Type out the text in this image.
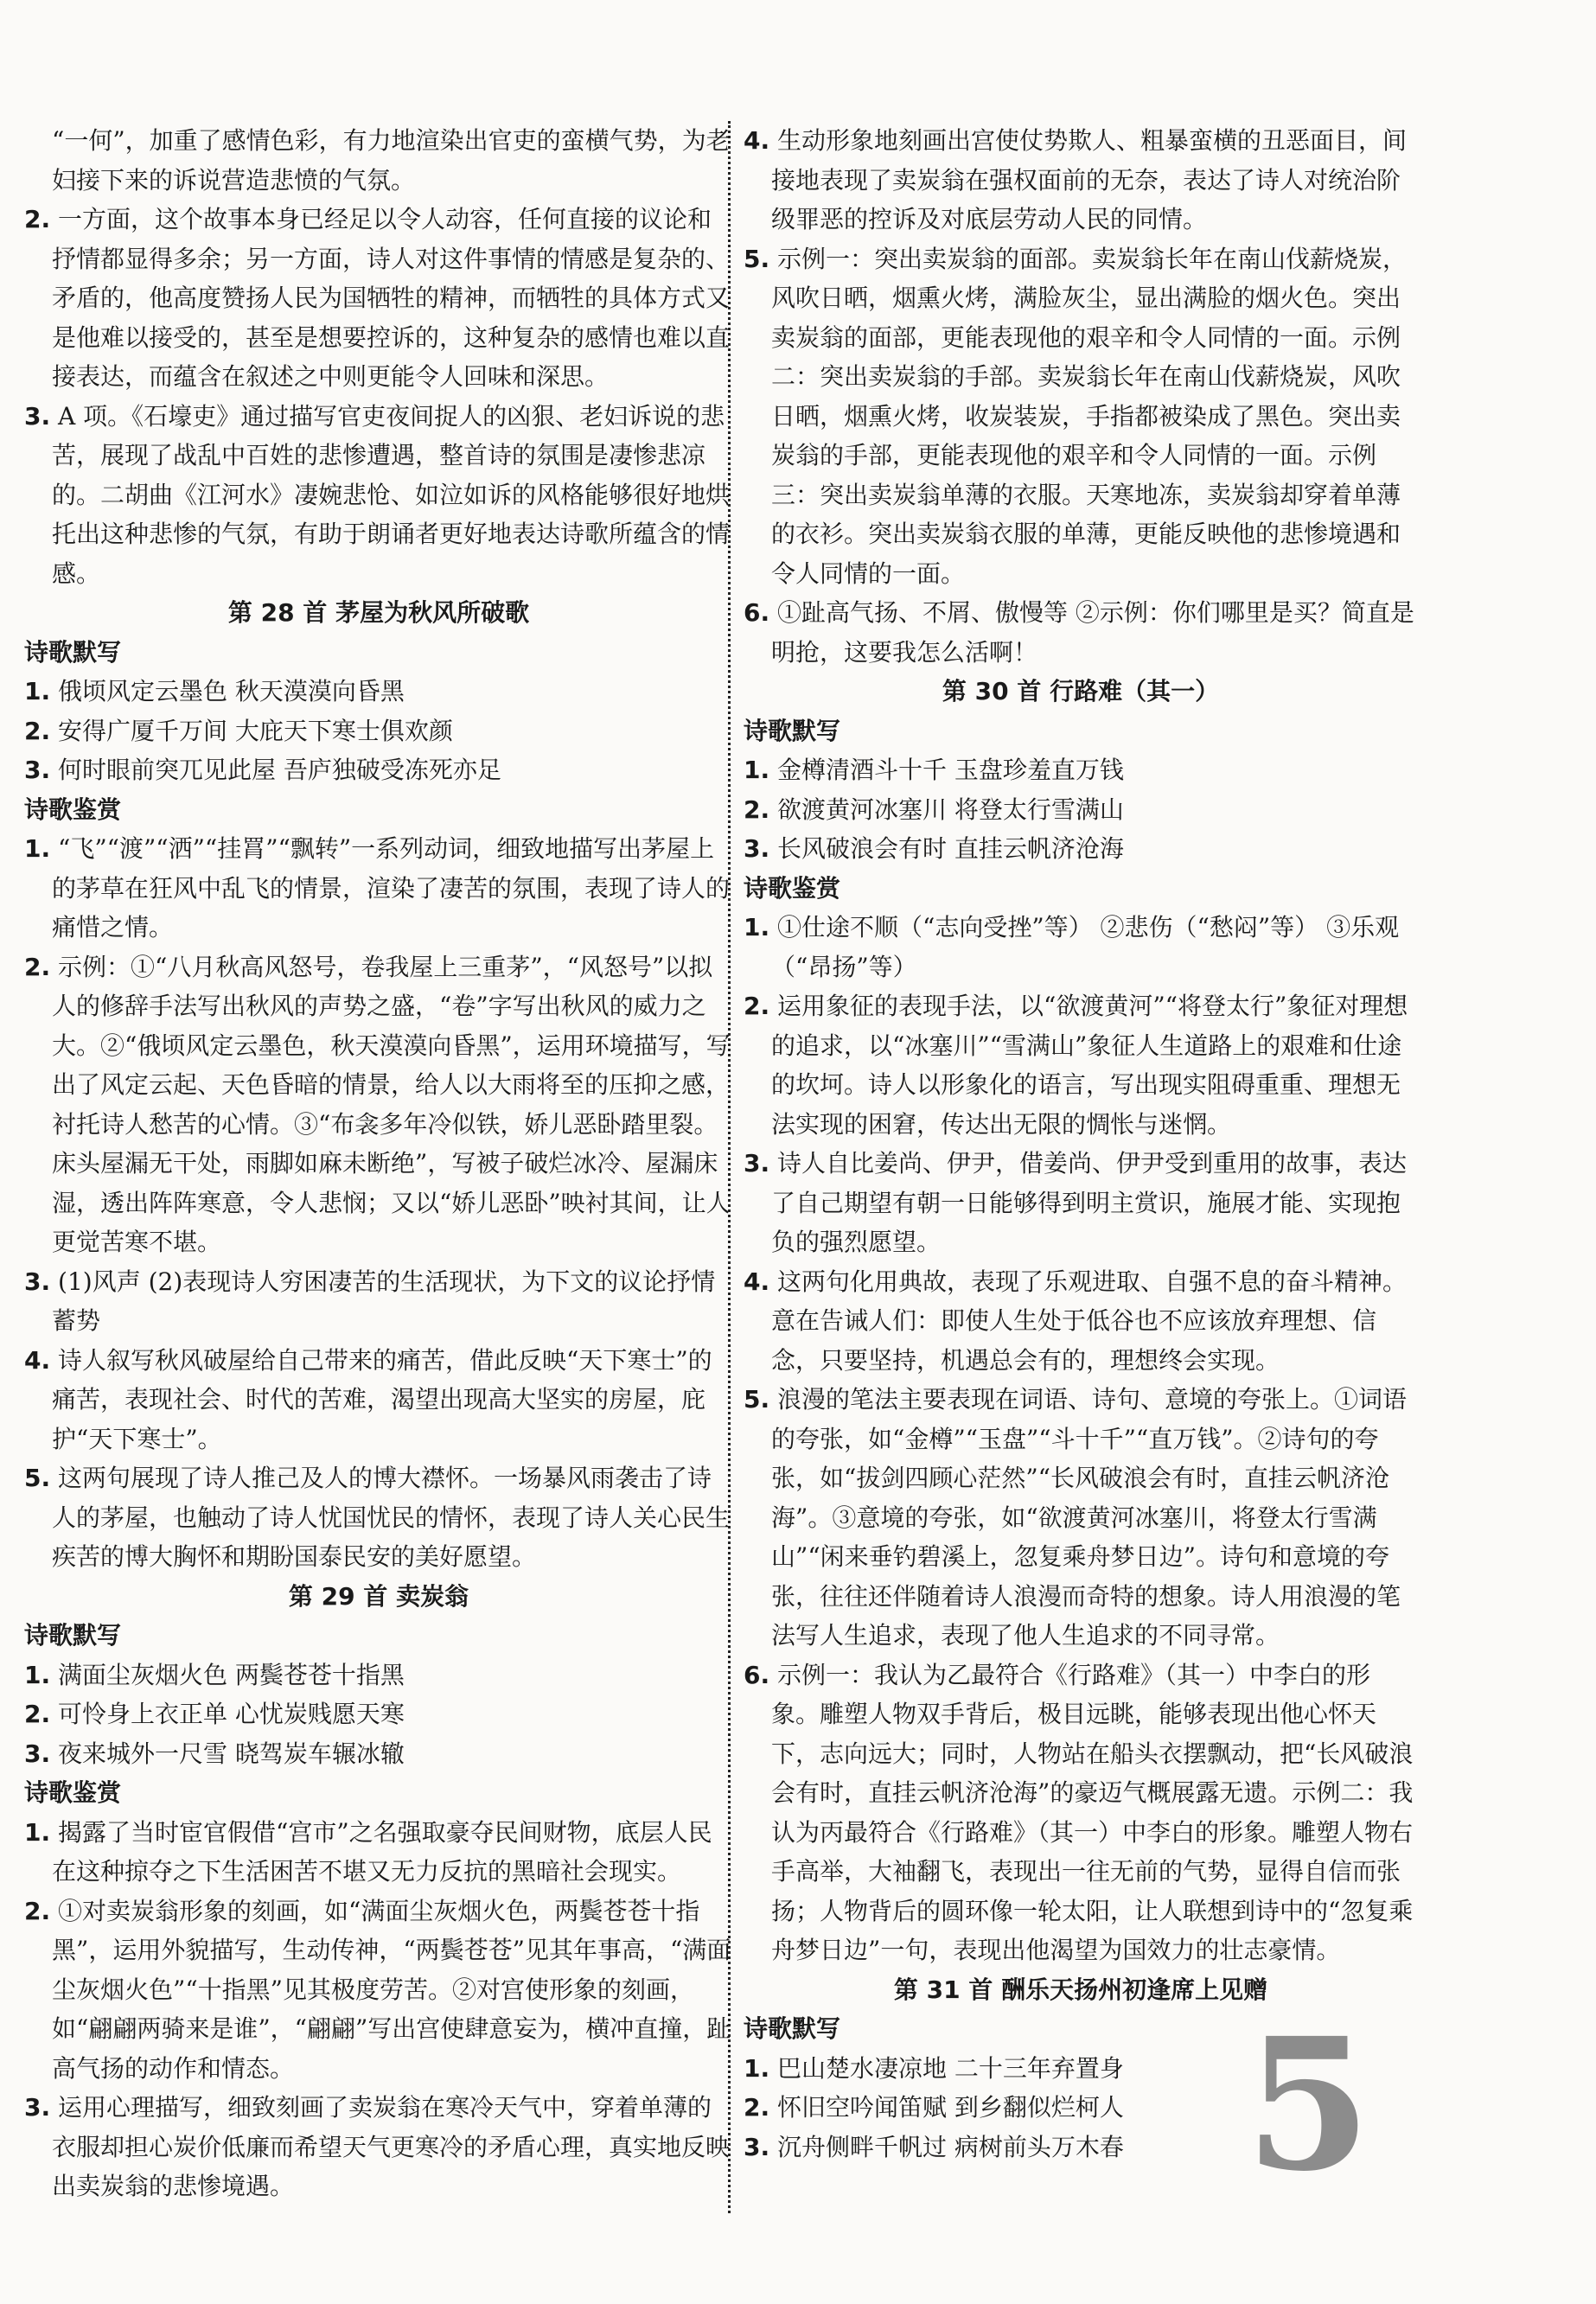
“一何”，加重了感情色彩，有力地渲染出官吏的蛮横气势，为老妇接下来的诉说营造悲愤的气氛。

2. 一方面，这个故事本身已经足以令人动容，任何直接的议论和抒情都显得多余；另一方面，诗人对这件事情的情感是复杂的、矛盾的，他高度赞扬人民为国牺牲的精神，而牺牲的具体方式又是他难以接受的，甚至是想要控诉的，这种复杂的感情也难以直接表达，而蕴含在叙述之中则更能令人回味和深思。

3. A 项。《石壕吏》通过描写官吏夜间捉人的凶狠、老妇诉说的悲苦，展现了战乱中百姓的悲惨遭遇，整首诗的氛围是凄惨悲凉的。二胡曲《江河水》凄婉悲怆、如泣如诉的风格能够很好地烘托出这种悲惨的气氛，有助于朗诵者更好地表达诗歌所蕴含的情感。

第 28 首 茅屋为秋风所破歌

诗歌默写

1. 俄顷风定云墨色 秋天漠漠向昏黑

2. 安得广厦千万间 大庇天下寒士俱欢颜

3. 何时眼前突兀见此屋 吾庐独破受冻死亦足

诗歌鉴赏

1. “飞”“渡”“洒”“挂罥”“飘转”一系列动词，细致地描写出茅屋上的茅草在狂风中乱飞的情景，渲染了凄苦的氛围，表现了诗人的痛惜之情。

2. 示例：①“八月秋高风怒号，卷我屋上三重茅”，“风怒号”以拟人的修辞手法写出秋风的声势之盛，“卷”字写出秋风的威力之大。②“俄顷风定云墨色，秋天漠漠向昏黑”，运用环境描写，写出了风定云起、天色昏暗的情景，给人以大雨将至的压抑之感，衬托诗人愁苦的心情。③“布衾多年冷似铁，娇儿恶卧踏里裂。床头屋漏无干处，雨脚如麻未断绝”，写被子破烂冰冷、屋漏床湿，透出阵阵寒意，令人悲悯；又以“娇儿恶卧”映衬其间，让人更觉苦寒不堪。

3. (1)风声 (2)表现诗人穷困凄苦的生活现状，为下文的议论抒情蓄势

4. 诗人叙写秋风破屋给自己带来的痛苦，借此反映“天下寒士”的痛苦，表现社会、时代的苦难，渴望出现高大坚实的房屋，庇护“天下寒士”。

5. 这两句展现了诗人推己及人的博大襟怀。一场暴风雨袭击了诗人的茅屋，也触动了诗人忧国忧民的情怀，表现了诗人关心民生疾苦的博大胸怀和期盼国泰民安的美好愿望。

第 29 首 卖炭翁

诗歌默写

1. 满面尘灰烟火色 两鬓苍苍十指黑

2. 可怜身上衣正单 心忧炭贱愿天寒

3. 夜来城外一尺雪 晓驾炭车辗冰辙

诗歌鉴赏

1. 揭露了当时宦官假借“宫市”之名强取豪夺民间财物，底层人民在这种掠夺之下生活困苦不堪又无力反抗的黑暗社会现实。

2. ①对卖炭翁形象的刻画，如“满面尘灰烟火色，两鬓苍苍十指黑”，运用外貌描写，生动传神，“两鬓苍苍”见其年事高，“满面尘灰烟火色”“十指黑”见其极度劳苦。②对宫使形象的刻画，如“翩翩两骑来是谁”，“翩翩”写出宫使肆意妄为，横冲直撞，趾高气扬的动作和情态。

3. 运用心理描写，细致刻画了卖炭翁在寒冷天气中，穿着单薄的衣服却担心炭价低廉而希望天气更寒冷的矛盾心理，真实地反映出卖炭翁的悲惨境遇。

4. 生动形象地刻画出宫使仗势欺人、粗暴蛮横的丑恶面目，间接地表现了卖炭翁在强权面前的无奈，表达了诗人对统治阶级罪恶的控诉及对底层劳动人民的同情。

5. 示例一：突出卖炭翁的面部。卖炭翁长年在南山伐薪烧炭，风吹日晒，烟熏火烤，满脸灰尘，显出满脸的烟火色。突出卖炭翁的面部，更能表现他的艰辛和令人同情的一面。示例二：突出卖炭翁的手部。卖炭翁长年在南山伐薪烧炭，风吹日晒，烟熏火烤，收炭装炭，手指都被染成了黑色。突出卖炭翁的手部，更能表现他的艰辛和令人同情的一面。示例三：突出卖炭翁单薄的衣服。天寒地冻，卖炭翁却穿着单薄的衣衫。突出卖炭翁衣服的单薄，更能反映他的悲惨境遇和令人同情的一面。

6. ①趾高气扬、不屑、傲慢等 ②示例：你们哪里是买？简直是明抢，这要我怎么活啊！

第 30 首 行路难（其一）

诗歌默写

1. 金樽清酒斗十千 玉盘珍羞直万钱

2. 欲渡黄河冰塞川 将登太行雪满山

3. 长风破浪会有时 直挂云帆济沧海

诗歌鉴赏

1. ①仕途不顺（“志向受挫”等） ②悲伤（“愁闷”等） ③乐观（“昂扬”等）

2. 运用象征的表现手法，以“欲渡黄河”“将登太行”象征对理想的追求，以“冰塞川”“雪满山”象征人生道路上的艰难和仕途的坎坷。诗人以形象化的语言，写出现实阻碍重重、理想无法实现的困窘，传达出无限的惆怅与迷惘。

3. 诗人自比姜尚、伊尹，借姜尚、伊尹受到重用的故事，表达了自己期望有朝一日能够得到明主赏识，施展才能、实现抱负的强烈愿望。

4. 这两句化用典故，表现了乐观进取、自强不息的奋斗精神。意在告诫人们：即使人生处于低谷也不应该放弃理想、信念，只要坚持，机遇总会有的，理想终会实现。

5. 浪漫的笔法主要表现在词语、诗句、意境的夸张上。①词语的夸张，如“金樽”“玉盘”“斗十千”“直万钱”。②诗句的夸张，如“拔剑四顾心茫然”“长风破浪会有时，直挂云帆济沧海”。③意境的夸张，如“欲渡黄河冰塞川，将登太行雪满山”“闲来垂钓碧溪上，忽复乘舟梦日边”。诗句和意境的夸张，往往还伴随着诗人浪漫而奇特的想象。诗人用浪漫的笔法写人生追求，表现了他人生追求的不同寻常。

6. 示例一：我认为乙最符合《行路难》（其一）中李白的形象。雕塑人物双手背后，极目远眺，能够表现出他心怀天下，志向远大；同时，人物站在船头衣摆飘动，把“长风破浪会有时，直挂云帆济沧海”的豪迈气概展露无遗。示例二：我认为丙最符合《行路难》（其一）中李白的形象。雕塑人物右手高举，大袖翻飞，表现出一往无前的气势，显得自信而张扬；人物背后的圆环像一轮太阳，让人联想到诗中的“忽复乘舟梦日边”一句，表现出他渴望为国效力的壮志豪情。

第 31 首 酬乐天扬州初逢席上见赠

诗歌默写

1. 巴山楚水凄凉地 二十三年弃置身

2. 怀旧空吟闻笛赋 到乡翻似烂柯人

3. 沉舟侧畔千帆过 病树前头万木春 5
